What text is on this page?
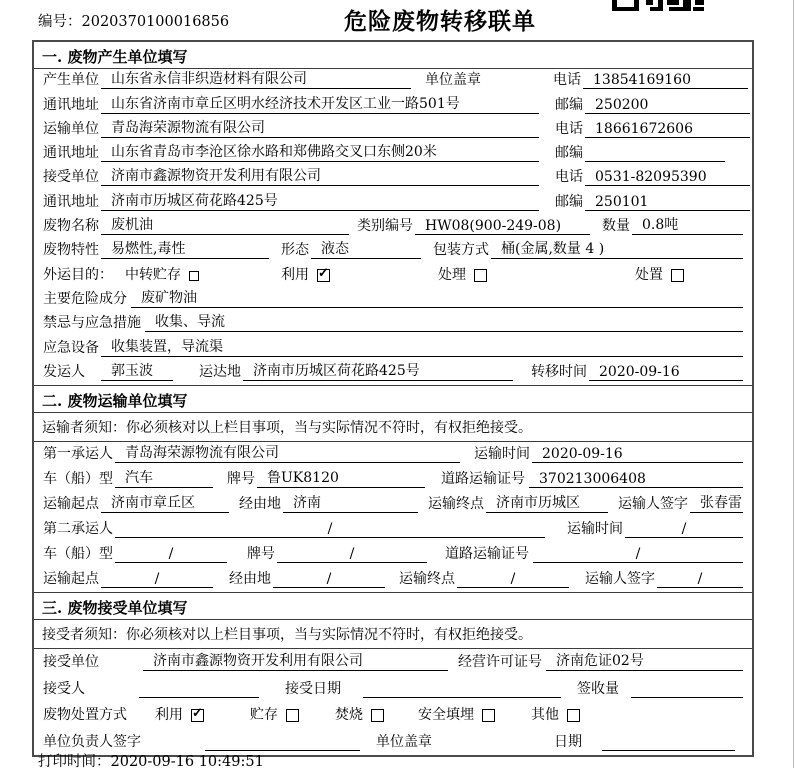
编号：2020370100016856	危险废物转移联单
一. 废物产生单位填写
产生单位 山东省永信非织造材料有限公司	单位盖章	电话 13854169160
通讯地址 山东省济南市章丘区明水经济技术开发区工业一路501号	邮编 250200
运输单位 青岛海荣源物流有限公司	电话 18661672606
通讯地址 山东省青岛市李沧区徐水路和郑佛路交叉口东侧20米	邮编
接受单位 济南市鑫源物资开发利用有限公司	电话 0531-82095390
通讯地址 济南市历城区荷花路425号	邮编 250101
废物名称 废机油	类别编号 HW08(900-249-08)	数量 0.8吨
废物特性 易燃性,毒性	形态 液态	包装方式 桶(金属,数量 4 )
外运目的： 中转贮存	利用 ✓	处理	处置
主要危险成分	废矿物油
禁忌与应急措施	收集、导流
应急设备 收集装置，导流渠
发运人	郭玉波	运达地 济南市历城区荷花路425号	转移时间 2020-09-16
二. 废物运输单位填写
运输者须知：你必须核对以上栏目事项，当与实际情况不符时，有权拒绝接受。
第一承运人 青岛海荣源物流有限公司	运输时间 2020-09-16
车（船）型 汽车	牌号 鲁UK8120	道路运输证号	370213006408
运输起点 济南市章丘区	经由地 济南	运输终点 济南市历城区	运输人签字 张春雷
第二承运人	/	运输时间	/
车（船）型	/	牌号	/	道路运输证号	/
运输起点	/	经由地	/	运输终点	/	运输人签字	/
三. 废物接受单位填写
接受者须知：你必须核对以上栏目事项，当与实际情况不符时，有权拒绝接受。
接受单位	济南市鑫源物资开发利用有限公司	经营许可证号	济南危证02号
接受人	接受日期	签收量
废物处置方式 利用 ✓	贮存	焚烧	安全填埋	其他
单位负责人签字	单位盖章	日期
打印时间：2020-09-16 10:49:51
